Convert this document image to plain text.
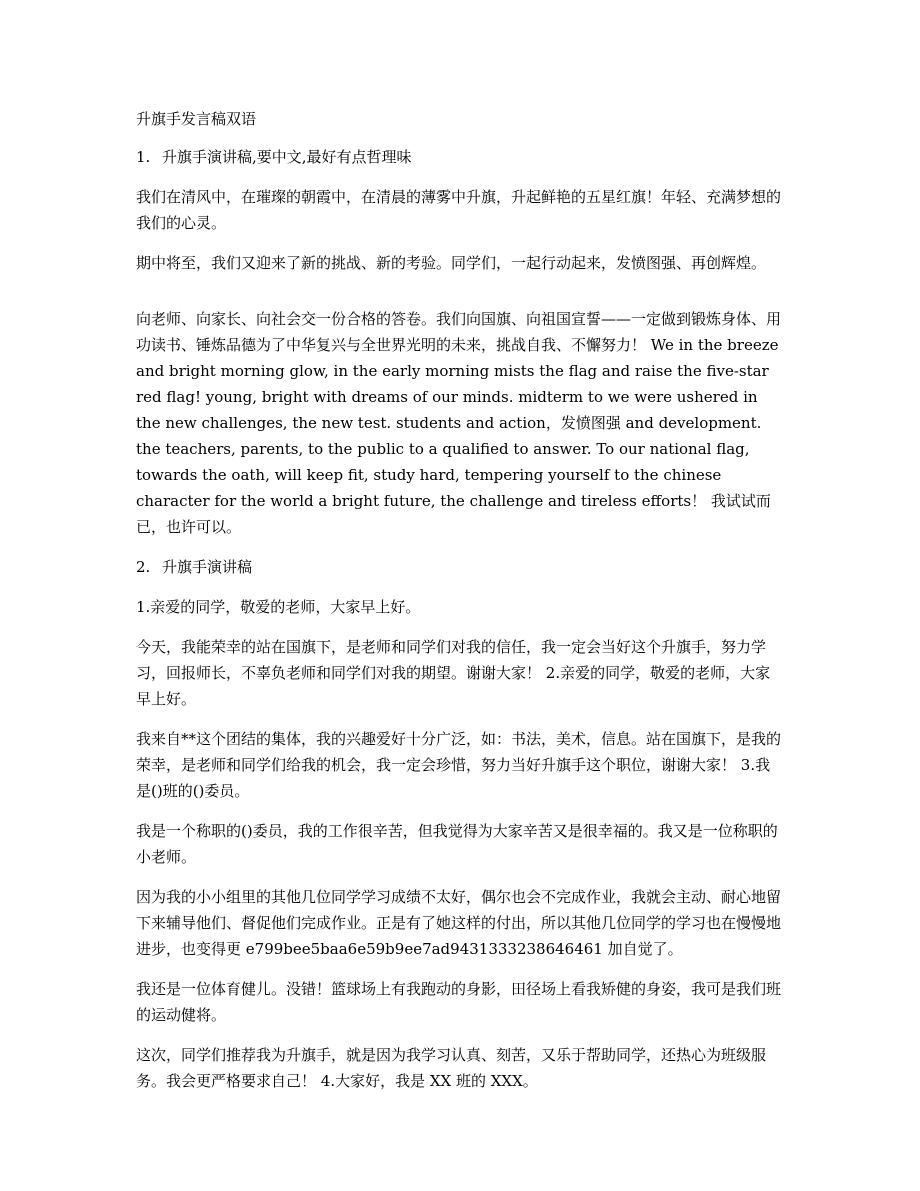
升旗手发言稿双语
1. 升旗手演讲稿,要中文,最好有点哲理味

我们在清风中，在璀璨的朝霞中，在清晨的薄雾中升旗，升起鲜艳的五星红旗！年轻、充满梦想的我们的心灵。

期中将至，我们又迎来了新的挑战、新的考验。同学们，一起行动起来，发愤图强、再创辉煌。

向老师、向家长、向社会交一份合格的答卷。我们向国旗、向祖国宣誓——一定做到锻炼身体、用功读书、锤炼品德为了中华复兴与全世界光明的未来，挑战自我、不懈努力！ We in the breeze and bright morning glow, in the early morning mists the flag and raise the five-star red flag! young, bright with dreams of our minds. midterm to we were ushered in the new challenges, the new test. students and action，发愤图强 and development. the teachers, parents, to the public to a qualified to answer. To our national flag, towards the oath, will keep fit, study hard, tempering yourself to the chinese character for the world a bright future, the challenge and tireless efforts！ 我试试而已，也许可以。

2. 升旗手演讲稿

1.亲爱的同学，敬爱的老师，大家早上好。

今天，我能荣幸的站在国旗下，是老师和同学们对我的信任，我一定会当好这个升旗手，努力学习，回报师长，不辜负老师和同学们对我的期望。谢谢大家！ 2.亲爱的同学，敬爱的老师，大家早上好。

我来自**这个团结的集体，我的兴趣爱好十分广泛，如：书法，美术，信息。站在国旗下，是我的荣幸，是老师和同学们给我的机会，我一定会珍惜，努力当好升旗手这个职位，谢谢大家！ 3.我是()班的()委员。

我是一个称职的()委员，我的工作很辛苦，但我觉得为大家辛苦又是很幸福的。我又是一位称职的小老师。

因为我的小小组里的其他几位同学学习成绩不太好，偶尔也会不完成作业，我就会主动、耐心地留下来辅导他们、督促他们完成作业。正是有了她这样的付出，所以其他几位同学的学习也在慢慢地进步，也变得更 e799bee5baa6e59b9ee7ad9431333238646461 加自觉了。

我还是一位体育健儿。没错！篮球场上有我跑动的身影，田径场上看我矫健的身姿，我可是我们班的运动健将。

这次，同学们推荐我为升旗手，就是因为我学习认真、刻苦，又乐于帮助同学，还热心为班级服务。我会更严格要求自己！ 4.大家好，我是 XX 班的 XXX。
